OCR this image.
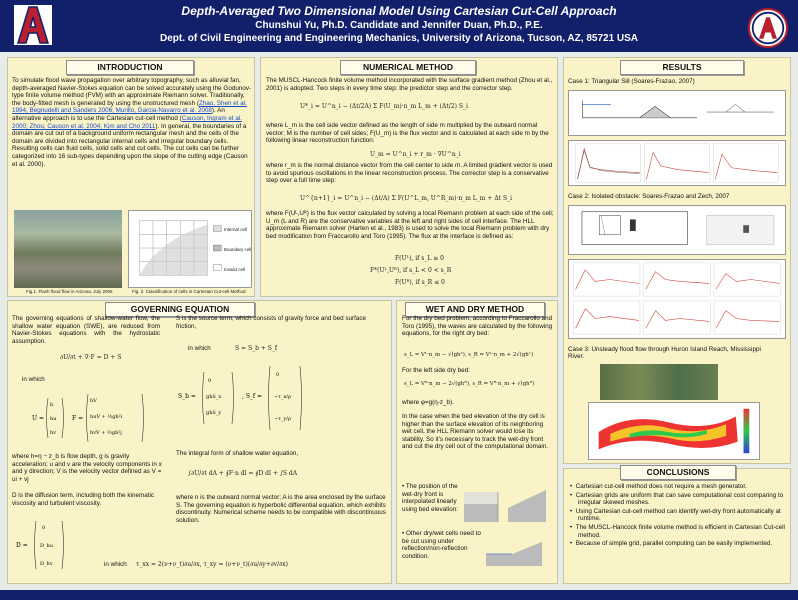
Depth-Averaged Two Dimensional Model Using Cartesian Cut-Cell Approach
Chunshui Yu, Ph.D. Candidate and Jennifer Duan, Ph.D., P.E.
Dept. of Civil Engineering and Engineering Mechanics, University of Arizona, Tucson, AZ, 85721 USA
INTRODUCTION
To simulate flood wave propagation over arbitrary topography, such as alluvial fan, depth-averaged Navier-Stokes equation can be solved accurately using the Godunov-type finite volume method (FVM) with an approximate Riemann solver. Traditionally, the body-fitted mesh is generated by using the unstructured mesh (Zhao, Shen et al. 1994; Begnudelli and Sanders 2006; Murillo, Garcia-Navarro et al. 2008). An alternative approach is to use the Cartesian cut-cell method (Causon, Ingram et al. 2000; Zhou, Causon et al. 2004; Kim and Cho 2011). In general, the boundaries of a domain are cut out of a background uniform rectangular mesh and the cells of the domain are divided into rectangular internal cells and irregular boundary cells. Resulting cells can fluid cells, solid cells and cut cells. The cut cells can be further categorized into 16 sub-types depending upon the slope of the cutting edge (Causon et al. 2000).
Fig.1. Flash flood flow in Arizona, July 2006
Internal cell
Boundary cell
Invalid cell
Fig. 2. Classification of cells in Cartesian Cut-cell Method
NUMERICAL METHOD
The MUSCL-Hancock finite volume method incorporated with the surface gradient method (Zhou et al., 2001) is adopted. Two steps in every time step: the predictor step and the corrector step.
U*_i = U^n_i − (Δt/2A) Σ F(U_m)·n_m L_m + (Δt/2) S_i
where L_m is the cell side vector defined as the length of side m multiplied by the outward normal vector; M is the number of cell sides; F(U_m) is the flux vector and is calculated at each side m by the following linear reconstruction function:
U_m = U^n_i + r_m · ∇U^n_i
where r_m is the normal distance vector from the cell center to side m. A limited gradient vector is used to avoid spurious oscillations in the linear reconstruction process. The corrector step is a conservative step over a full time step:
U^{n+1}_i = U^n_i − (Δt/A) Σ F(U^L_m, U^R_m)·n_m L_m + Δt S_i
where F(Uᴸ,Uᴿ) is the flux vector calculated by solving a local Riemann problem at each side of the cell; U_m (L and R) are the conservative variables at the left and right sides of cell interface. The HLL approximate Riemann solver (Harten et al., 1983) is used to solve the local Riemann problem with dry bed modification from Fraccarollo and Toro (1995). The flux at the interface is defined as:
F(Uᴸ), if s_L ≥ 0
F*(Uᴸ,Uᴿ), if s_L < 0 < s_R
F(Uᴿ), if s_R ≤ 0
GOVERNING EQUATION
The governing equations of shallow-water flow, the shallow water equation (SWE), are reduced from Navier-Stokes equations with the hydrostatic assumption.
∂U/∂t + ∇·F = D + S
in which
U =
h
hu
hv
F =
hV
huV + ½gh²i
hvV + ½gh²j
where h=η − z_b is flow depth, g is gravity acceleration; u and v are the velocity components in x and y direction; V is the velocity vector defined as V = ui + vj
D is the diffusion term, including both the kinematic viscosity and turbulent viscosity.
D =
0
D_hu
D_hv	in which τ_xx = 2(ν+ν_t)∂u/∂x, τ_xy = (ν+ν_t)(∂u/∂y+∂v/∂x)
S is the source term, which consists of gravity force and bed surface friction,
in which	S = S_b + S_f
S_b =
0
ghS_x
ghS_y
, S_f =
0
−τ_x/ρ
−τ_y/ρ
The integral form of shallow water equation,
∫∂U/∂t dA + ∮F·n dl = ∮D dl + ∫S dA
where n is the outward normal vector; A is the area enclosed by the surface S. The governing equation is hyperbolic differential equation, which exhibits discontinuity. Numerical scheme needs to be compatible with discontinuous solution.
WET AND DRY METHOD
For the dry bed problem, according to Fraccarollo and Toro (1995), the waves are calculated by the following equations, for the right dry bed:
s_L = Vᴸ·n_m − √(ghᴸ), s_R = Vᴸ·n_m + 2√(ghᴸ)
For the left side dry bed:
s_L = Vᴿ·n_m − 2√(ghᴿ), s_R = Vᴿ·n_m + √(ghᴿ)
where φ=g(η-z_b).
In the case when the bed elevation of the dry cell is higher than the surface elevation of its neighboring wet cell, the HLL Riemann solver would lose its stability. So it's necessary to track the wet-dry front and cut the dry cell out of the computational domain.
• The position of the wet-dry front is interpolated linearly using bed elevation:
• Other dry/wet cells need to be cut using under reflection/non-reflection condition.
RESULTS
Case 1: Triangular Sill (Soares-Frazao, 2007)
Case 2: Isolated obstacle: Soares-Frazao and Zech, 2007
Case 3: Unsteady flood flow through Huron Island Reach, Mississippi River.
CONCLUSIONS
•  Cartesian cut-cell method does not require a mesh generator.
•  Cartesian grids are uniform that can save computational cost comparing to irregular skewed meshes.
•  Using Cartesian cut-cell method can identify wet-dry front automatically at runtime.
•  The MUSCL-Hancock finite volume method is efficient in Cartesian Cut-cell method.
•  Because of simple grid, parallel computing can be easily implemented.
